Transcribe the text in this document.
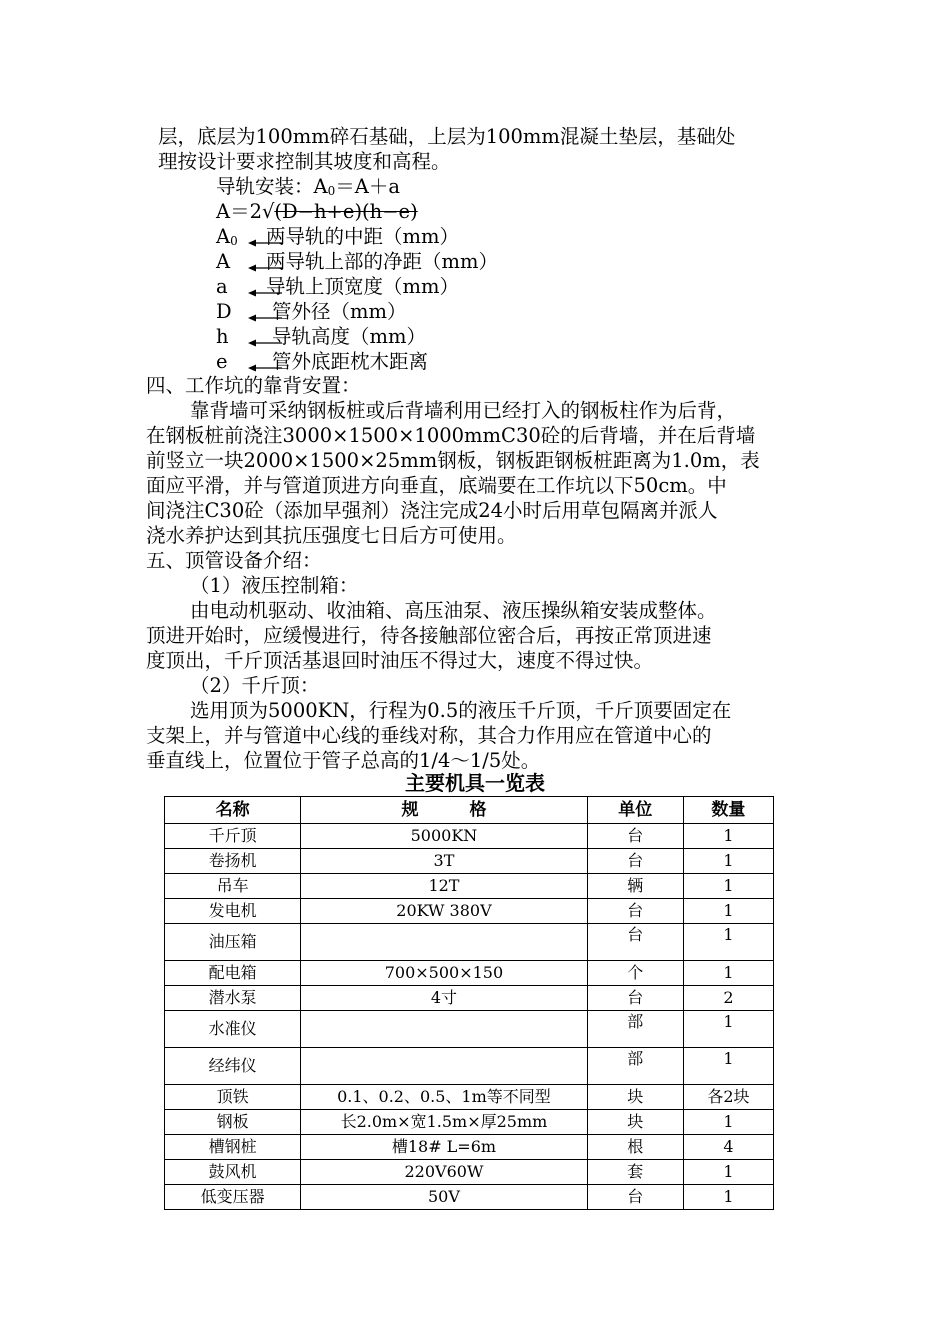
层，底层为100mm碎石基础，上层为100mm混凝土垫层，基础处
理按设计要求控制其坡度和高程。
导轨安装：A0＝A＋a
A＝2√(D−h+e)(h−e)
A0 两导轨的中距（mm）
A 两导轨上部的净距（mm）
a 导轨上顶宽度（mm）
D 管外径（mm）
h 导轨高度（mm）
e 管外底距枕木距离
四、工作坑的靠背安置：
靠背墙可采纳钢板桩或后背墙利用已经打入的钢板柱作为后背，
在钢板桩前浇注3000×1500×1000mmC30砼的后背墙，并在后背墙
前竖立一块2000×1500×25mm钢板，钢板距钢板桩距离为1.0m，表
面应平滑，并与管道顶进方向垂直，底端要在工作坑以下50cm。中
间浇注C30砼（添加早强剂）浇注完成24小时后用草包隔离并派人
浇水养护达到其抗压强度七日后方可使用。
五、顶管设备介绍：
（1）液压控制箱：
由电动机驱动、收油箱、高压油泵、液压操纵箱安装成整体。
顶进开始时，应缓慢进行，待各接触部位密合后，再按正常顶进速
度顶出，千斤顶活基退回时油压不得过大，速度不得过快。
（2）千斤顶：
选用顶为5000KN，行程为0.5的液压千斤顶，千斤顶要固定在
支架上，并与管道中心线的垂线对称，其合力作用应在管道中心的
垂直线上，位置位于管子总高的1/4～1/5处。
主要机具一览表
名称	规　　　格	单位	数量
千斤顶	5000KN	台	1
卷扬机	3T	台	1
吊车	12T	辆	1
发电机	20KW 380V	台	1
油压箱		台	1
配电箱	700×500×150	个	1
潜水泵	4寸	台	2
水准仪		部	1
经纬仪		部	1
顶铁	0.1、0.2、0.5、1m等不同型	块	各2块
钢板	长2.0m×宽1.5m×厚25mm	块	1
槽钢桩	槽18# L=6m	根	4
鼓风机	220V60W	套	1
低变压器	50V	台	1
